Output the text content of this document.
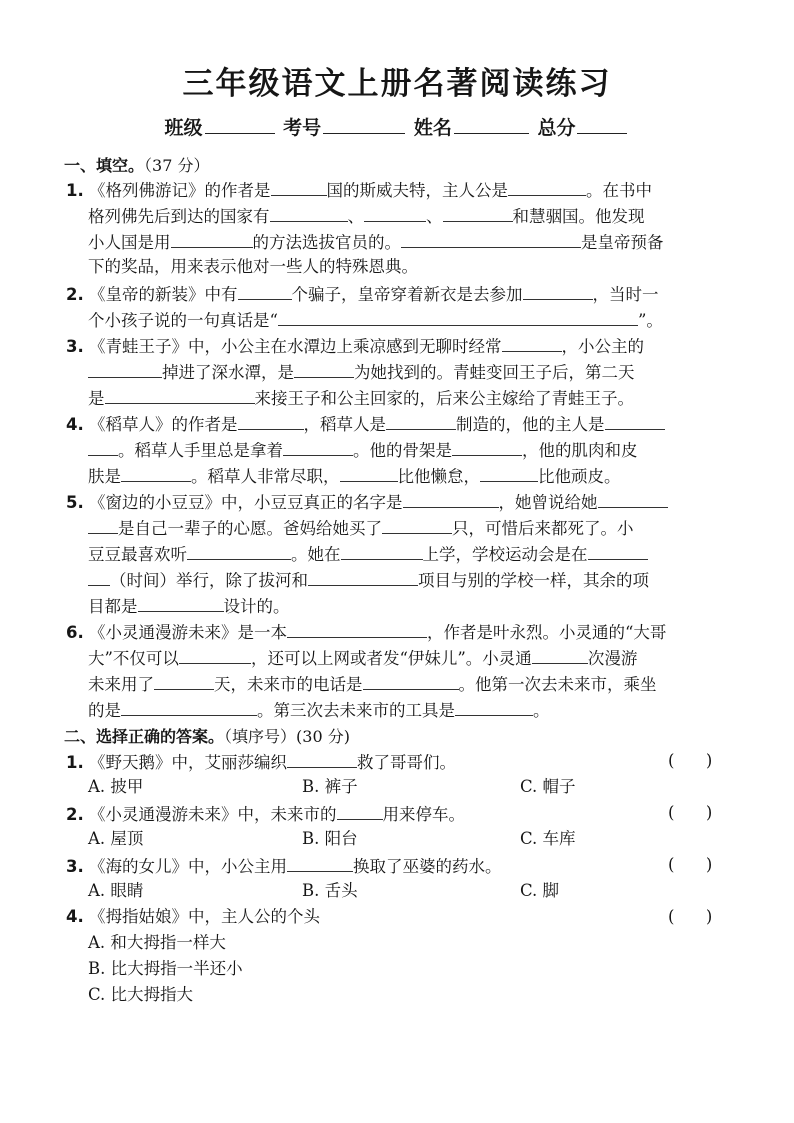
三年级语文上册名著阅读练习
班级	考号	姓名	总分
一、填空。（37 分）
1. 《格列佛游记》的作者是	国的斯威夫特，主人公是	。在书中
格列佛先后到达的国家有	、	、	和慧骃国。他发现
小人国是用	的方法选拔官员的。	是皇帝预备
下的奖品，用来表示他对一些人的特殊恩典。
2. 《皇帝的新装》中有	个骗子，皇帝穿着新衣是去参加	，当时一
个小孩子说的一句真话是“	”。
3. 《青蛙王子》中，小公主在水潭边上乘凉感到无聊时经常	，小公主的
掉进了深水潭，是	为她找到的。青蛙变回王子后，第二天
是	来接王子和公主回家的，后来公主嫁给了青蛙王子。
4. 《稻草人》的作者是	，稻草人是	制造的，他的主人是
。稻草人手里总是拿着	。他的骨架是	，他的肌肉和皮
肤是	。稻草人非常尽职，	比他懒怠，	比他顽皮。
5. 《窗边的小豆豆》中，小豆豆真正的名字是	，她曾说给她
是自己一辈子的心愿。爸妈给她买了	只，可惜后来都死了。小
豆豆最喜欢听	。她在	上学，学校运动会是在
（时间）举行，除了拔河和	项目与别的学校一样，其余的项
目都是	设计的。
6. 《小灵通漫游未来》是一本	，作者是叶永烈。小灵通的“大哥
大”不仅可以	，还可以上网或者发“伊妹儿”。小灵通	次漫游
未来用了	天，未来市的电话是	。他第一次去未来市，乘坐
的是	。第三次去未来市的工具是	。
二、选择正确的答案。（填序号）(30 分)
1. 《野天鹅》中，艾丽莎编织	救了哥哥们。	(      )
A. 披甲	B. 裤子	C. 帽子
2. 《小灵通漫游未来》中，未来市的	用来停车。	(      )
A. 屋顶	B. 阳台	C. 车库
3. 《海的女儿》中，小公主用	换取了巫婆的药水。	(      )
A. 眼睛	B. 舌头	C. 脚
4. 《拇指姑娘》中，主人公的个头	(      )
A. 和大拇指一样大
B. 比大拇指一半还小
C. 比大拇指大
